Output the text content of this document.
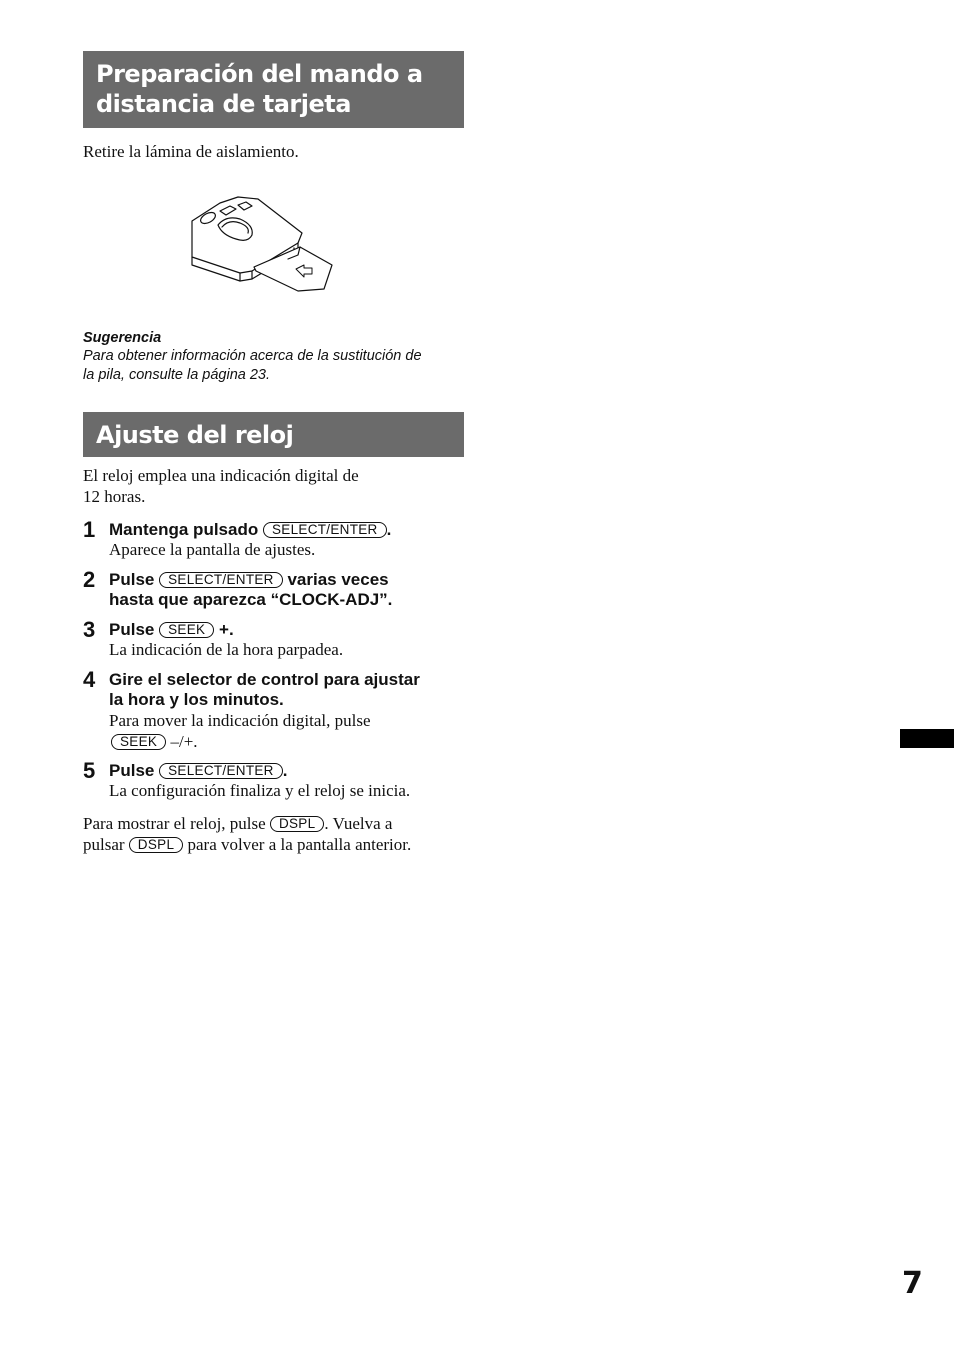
Preparación del mando a
distancia de tarjeta
Retire la lámina de aislamiento.
Sugerencia
Para obtener información acerca de la sustitución de
la pila, consulte la página 23.
Ajuste del reloj
El reloj emplea una indicación digital de
12 horas.
1 Mantenga pulsado SELECT/ENTER .
Aparece la pantalla de ajustes.
2 Pulse SELECT/ENTER varias veces
hasta que aparezca “CLOCK-ADJ”.
3 Pulse SEEK +.
La indicación de la hora parpadea.
4 Gire el selector de control para ajustar
la hora y los minutos.
Para mover la indicación digital, pulse
SEEK –/+.
5 Pulse SELECT/ENTER .
La configuración finaliza y el reloj se inicia.
Para mostrar el reloj, pulse DSPL . Vuelva a
pulsar DSPL para volver a la pantalla anterior.
7
